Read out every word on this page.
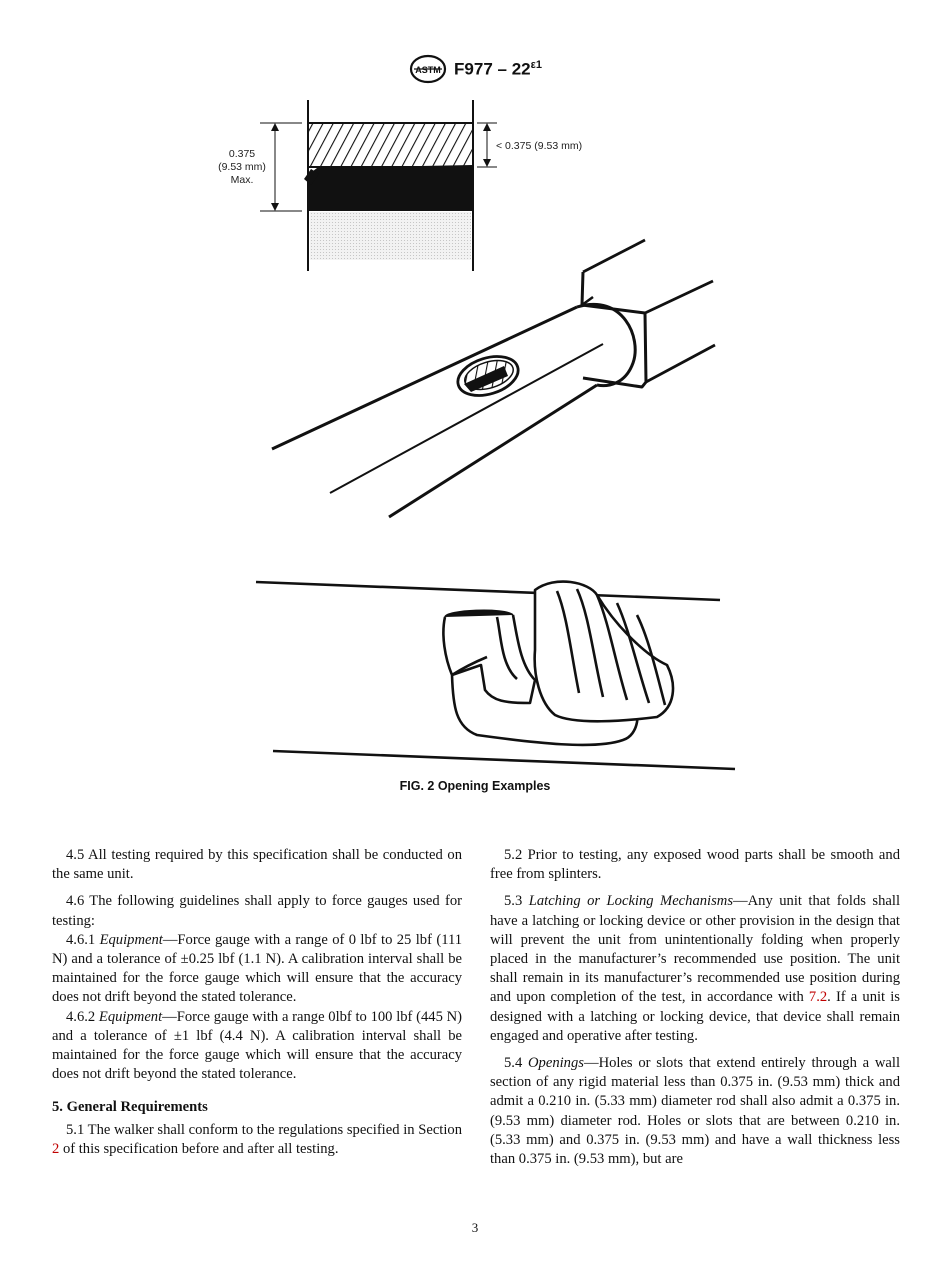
ASTM $F977 - 22^{\varepsilon 1}$
0.375
(9.53 mm)
Max.
< 0.375 (9.53 mm)
FIG. 2 Opening Examples

4.5 All testing required by this specification shall be conducted on the same unit.

4.6 The following guidelines shall apply to force gauges used for testing:

4.6.1 Equipment—Force gauge with a range of 0 lbf to 25 lbf (111 N) and a tolerance of ±0.25 lbf (1.1 N). A calibration interval shall be maintained for the force gauge which will ensure that the accuracy does not drift beyond the stated tolerance.

4.6.2 Equipment—Force gauge with a range 0lbf to 100 lbf (445 N) and a tolerance of ±1 lbf (4.4 N). A calibration interval shall be maintained for the force gauge which will ensure that the accuracy does not drift beyond the stated tolerance.

5. General Requirements

5.1 The walker shall conform to the regulations specified in Section 2 of this specification before and after all testing.

5.2 Prior to testing, any exposed wood parts shall be smooth and free from splinters.

5.3 Latching or Locking Mechanisms—Any unit that folds shall have a latching or locking device or other provision in the design that will prevent the unit from unintentionally folding when properly placed in the manufacturer’s recommended use position. The unit shall remain in its manufacturer’s recommended use position during and upon completion of the test, in accordance with 7.2. If a unit is designed with a latching or locking device, that device shall remain engaged and operative after testing.

5.4 Openings—Holes or slots that extend entirely through a wall section of any rigid material less than 0.375 in. (9.53 mm) thick and admit a 0.210 in. (5.33 mm) diameter rod shall also admit a 0.375 in. (9.53 mm) diameter rod. Holes or slots that are between 0.210 in. (5.33 mm) and 0.375 in. (9.53 mm) and have a wall thickness less than 0.375 in. (9.53 mm), but are

3
